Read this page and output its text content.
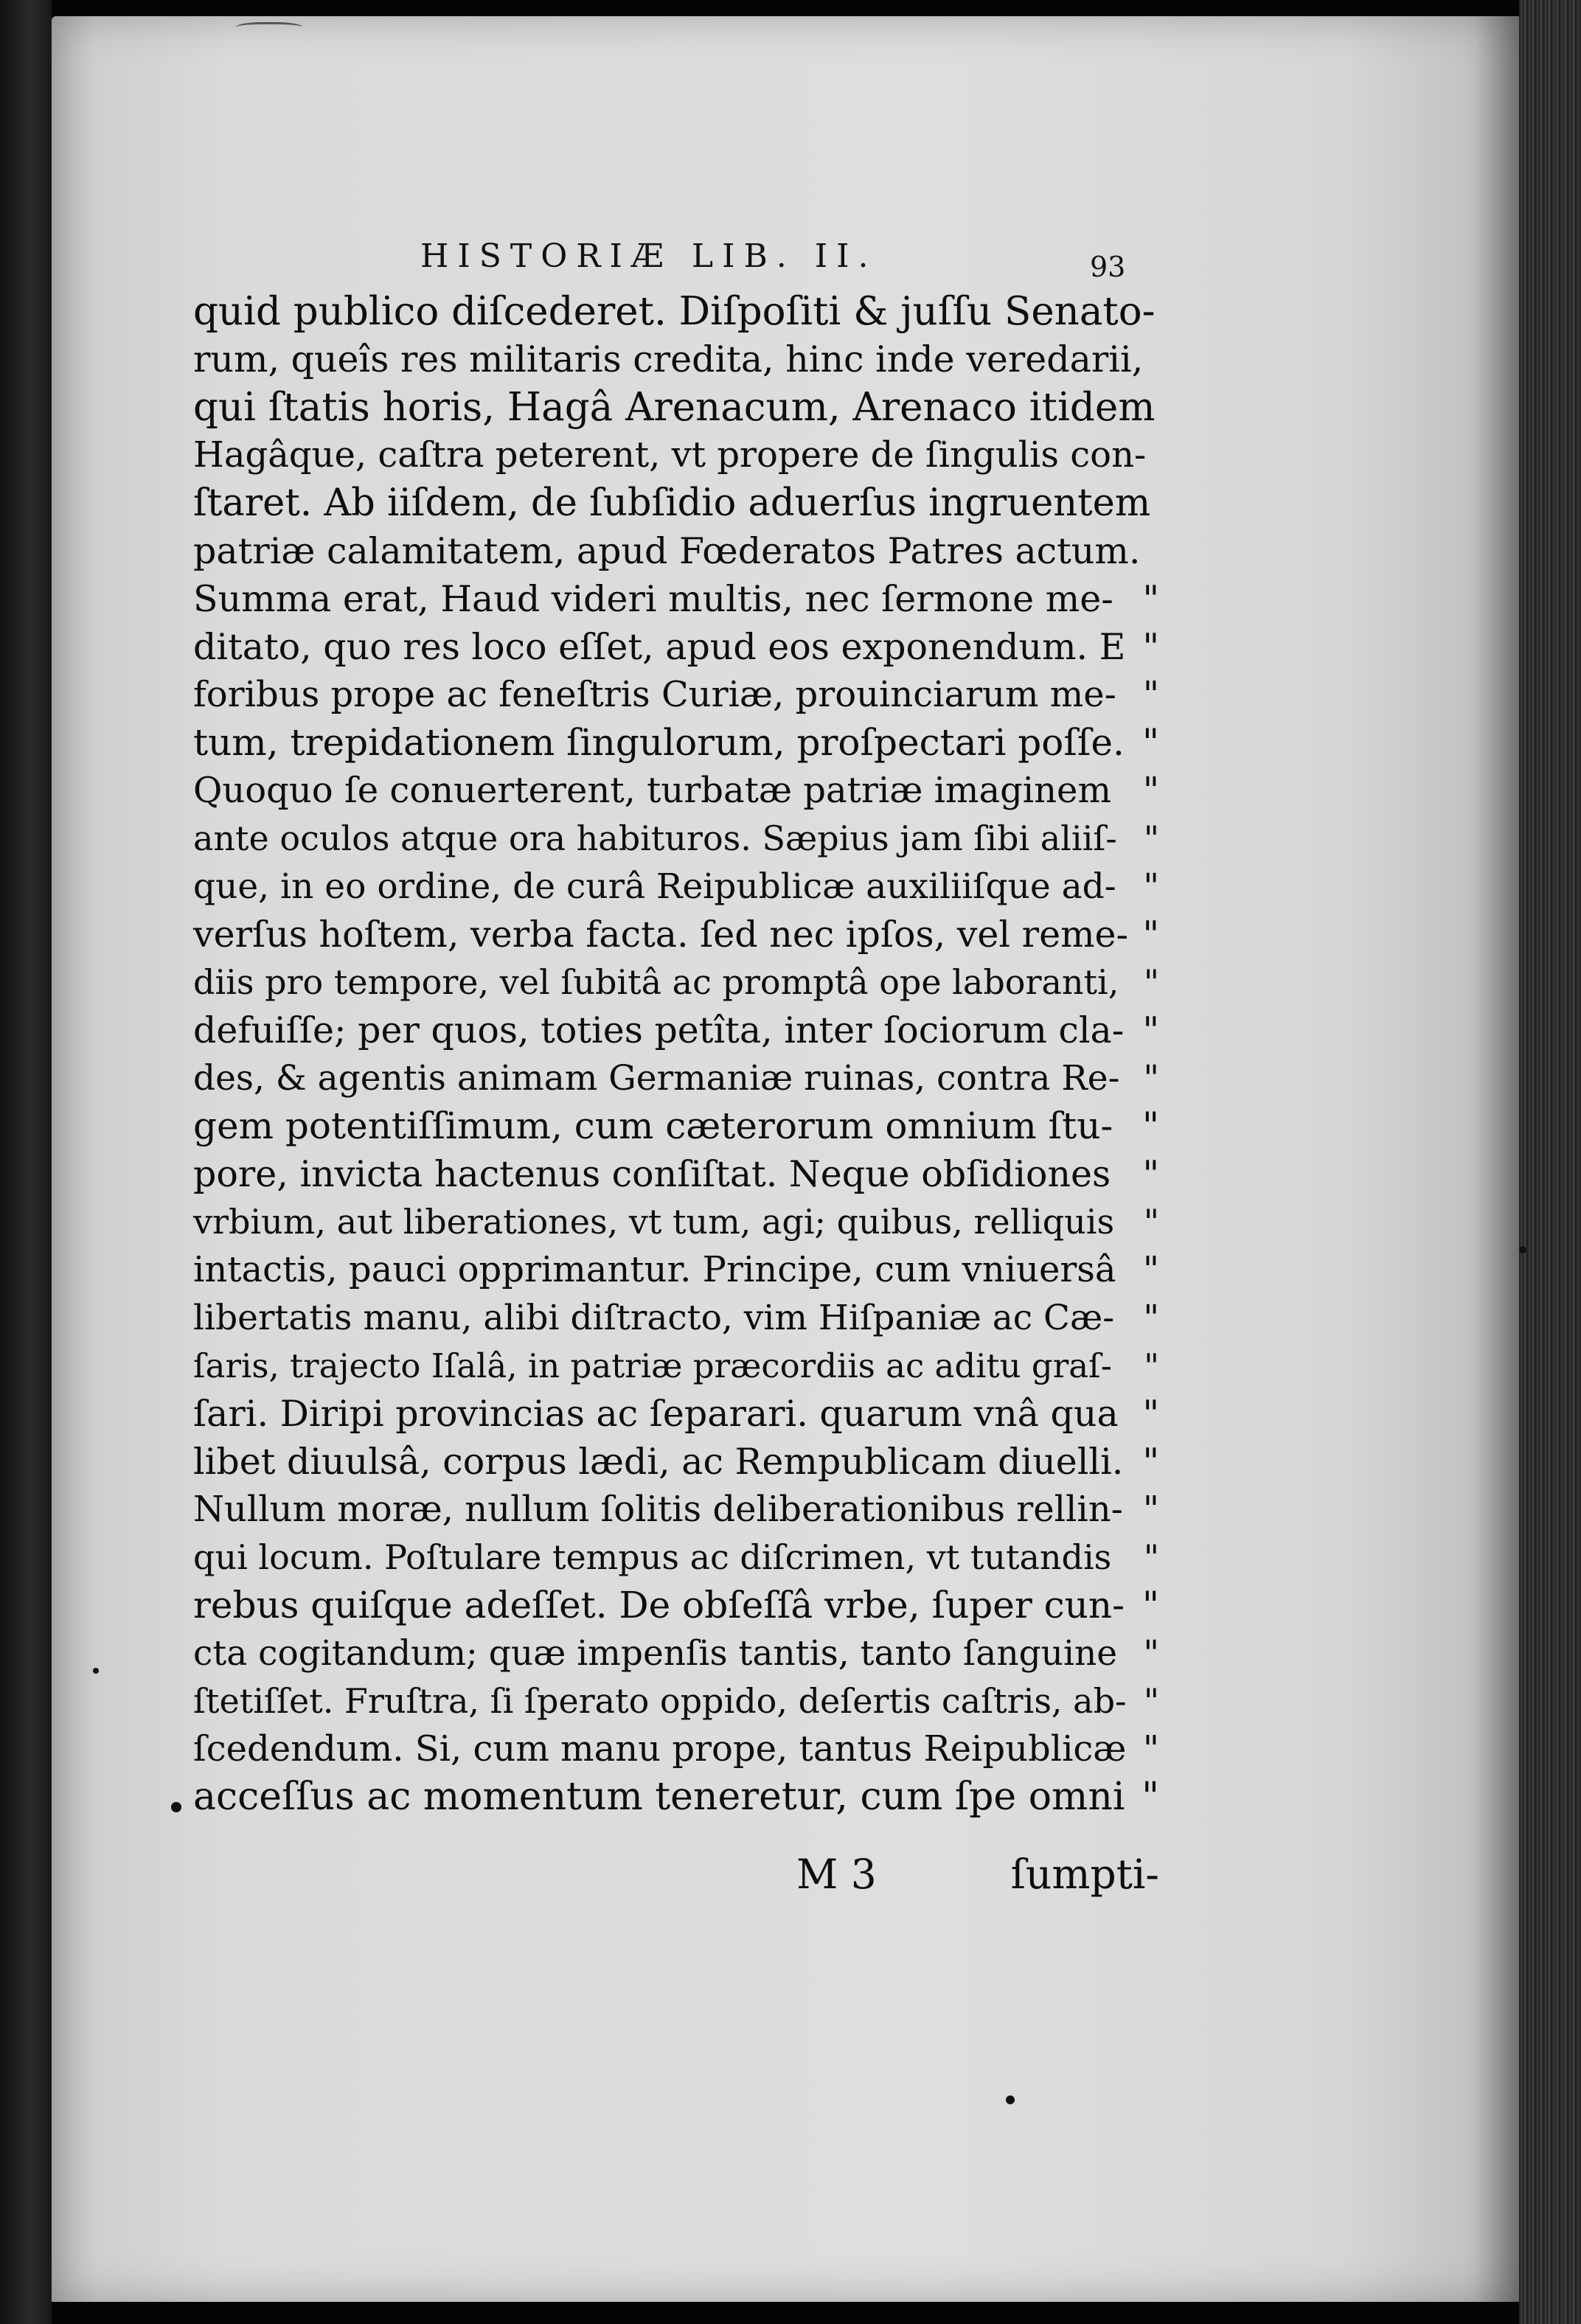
HISTORIÆ LIB. II.	93
quid publico diſcederet. Diſpoſiti & juſſu Senato-
rum, queîs res militaris credita, hinc inde veredarii,
qui ſtatis horis, Hagâ Arenacum, Arenaco itidem
Hagâque, caſtra peterent, vt propere de ſingulis con-
ſtaret. Ab iiſdem, de ſubſidio aduerſus ingruentem
patriæ calamitatem, apud Fœderatos Patres actum.
Summa erat, Haud videri multis, nec ſermone me- "
ditato, quo res loco eſſet, apud eos exponendum. E "
foribus prope ac feneſtris Curiæ, prouinciarum me- "
tum, trepidationem ſingulorum, proſpectari poſſe. "
Quoquo ſe conuerterent, turbatæ patriæ imaginem "
ante oculos atque ora habituros. Sæpius jam ſibi aliiſ- "
que, in eo ordine, de curâ Reipublicæ auxiliiſque ad- "
verſus hoſtem, verba facta. ſed nec ipſos, vel reme- "
diis pro tempore, vel ſubitâ ac promptâ ope laboranti, "
defuiſſe; per quos, toties petîta, inter ſociorum cla- "
des, & agentis animam Germaniæ ruinas, contra Re- "
gem potentiſſimum, cum cæterorum omnium ſtu- "
pore, invicta hactenus conſiſtat. Neque obſidiones "
vrbium, aut liberationes, vt tum, agi; quibus, relliquis "
intactis, pauci opprimantur. Principe, cum vniuersâ "
libertatis manu, alibi diſtracto, vim Hiſpaniæ ac Cæ- "
ſaris, trajecto Iſalâ, in patriæ præcordiis ac aditu graſ- "
ſari. Diripi provincias ac ſeparari. quarum vnâ qua "
libet diuulsâ, corpus lædi, ac Rempublicam diuelli. "
Nullum moræ, nullum ſolitis deliberationibus rellin- "
qui locum. Poſtulare tempus ac diſcrimen, vt tutandis "
rebus quiſque adeſſet. De obſeſſâ vrbe, ſuper cun- "
cta cogitandum; quæ impenſis tantis, tanto ſanguine "
ſtetiſſet. Fruſtra, ſi ſperato oppido, deſertis caſtris, ab- "
ſcedendum. Si, cum manu prope, tantus Reipublicæ "
acceſſus ac momentum teneretur, cum ſpe omni "
M 3	ſumpti-
